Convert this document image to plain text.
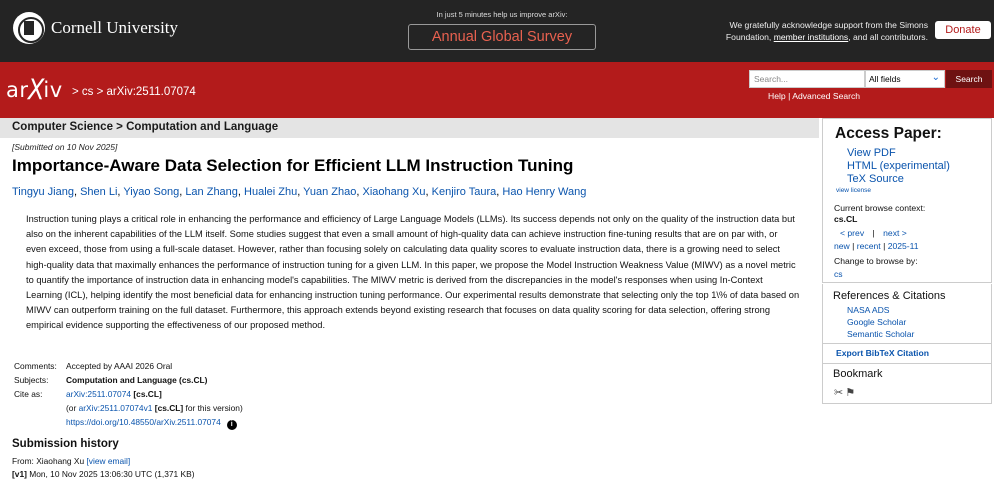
Cornell University
In just 5 minutes help us improve arXiv:
Annual Global Survey
We gratefully acknowledge support from the Simons Foundation, member institutions, and all contributors.
Donate
arXiv > cs > arXiv:2511.07074
Search...	All fields	⌄	Search
Help | Advanced Search
Computer Science > Computation and Language
[Submitted on 10 Nov 2025]
Importance-Aware Data Selection for Efficient LLM Instruction Tuning
Tingyu Jiang, Shen Li, Yiyao Song, Lan Zhang, Hualei Zhu, Yuan Zhao, Xiaohang Xu, Kenjiro Taura, Hao Henry Wang
Instruction tuning plays a critical role in enhancing the performance and efficiency of Large Language Models (LLMs). Its success depends not only on the quality of the instruction data but also on the inherent capabilities of the LLM itself. Some studies suggest that even a small amount of high-quality data can achieve instruction fine-tuning results that are on par with, or even exceed, those from using a full-scale dataset. However, rather than focusing solely on calculating data quality scores to evaluate instruction data, there is a growing need to select high-quality data that maximally enhances the performance of instruction tuning for a given LLM. In this paper, we propose the Model Instruction Weakness Value (MIWV) as a novel metric to quantify the importance of instruction data in enhancing model's capabilities. The MIWV metric is derived from the discrepancies in the model's responses when using In-Context Learning (ICL), helping identify the most beneficial data for enhancing instruction tuning performance. Our experimental results demonstrate that selecting only the top 1\% of data based on MIWV can outperform training on the full dataset. Furthermore, this approach extends beyond existing research that focuses on data quality scoring for data selection, offering strong empirical evidence supporting the effectiveness of our proposed method.
Comments: Accepted by AAAI 2026 Oral
Subjects: Computation and Language (cs.CL)
Cite as:	arXiv:2511.07074 [cs.CL]
(or arXiv:2511.07074v1 [cs.CL] for this version)
https://doi.org/10.48550/arXiv.2511.07074 i
Submission history
From: Xiaohang Xu [view email]
[v1] Mon, 10 Nov 2025 13:06:30 UTC (1,371 KB)
Access Paper:
View PDF
HTML (experimental)
TeX Source
view license
Current browse context:
cs.CL
< prev | next >
new | recent | 2025-11
Change to browse by:
cs
References & Citations
NASA ADS
Google Scholar
Semantic Scholar
Export BibTeX Citation
Bookmark
✂⚑
